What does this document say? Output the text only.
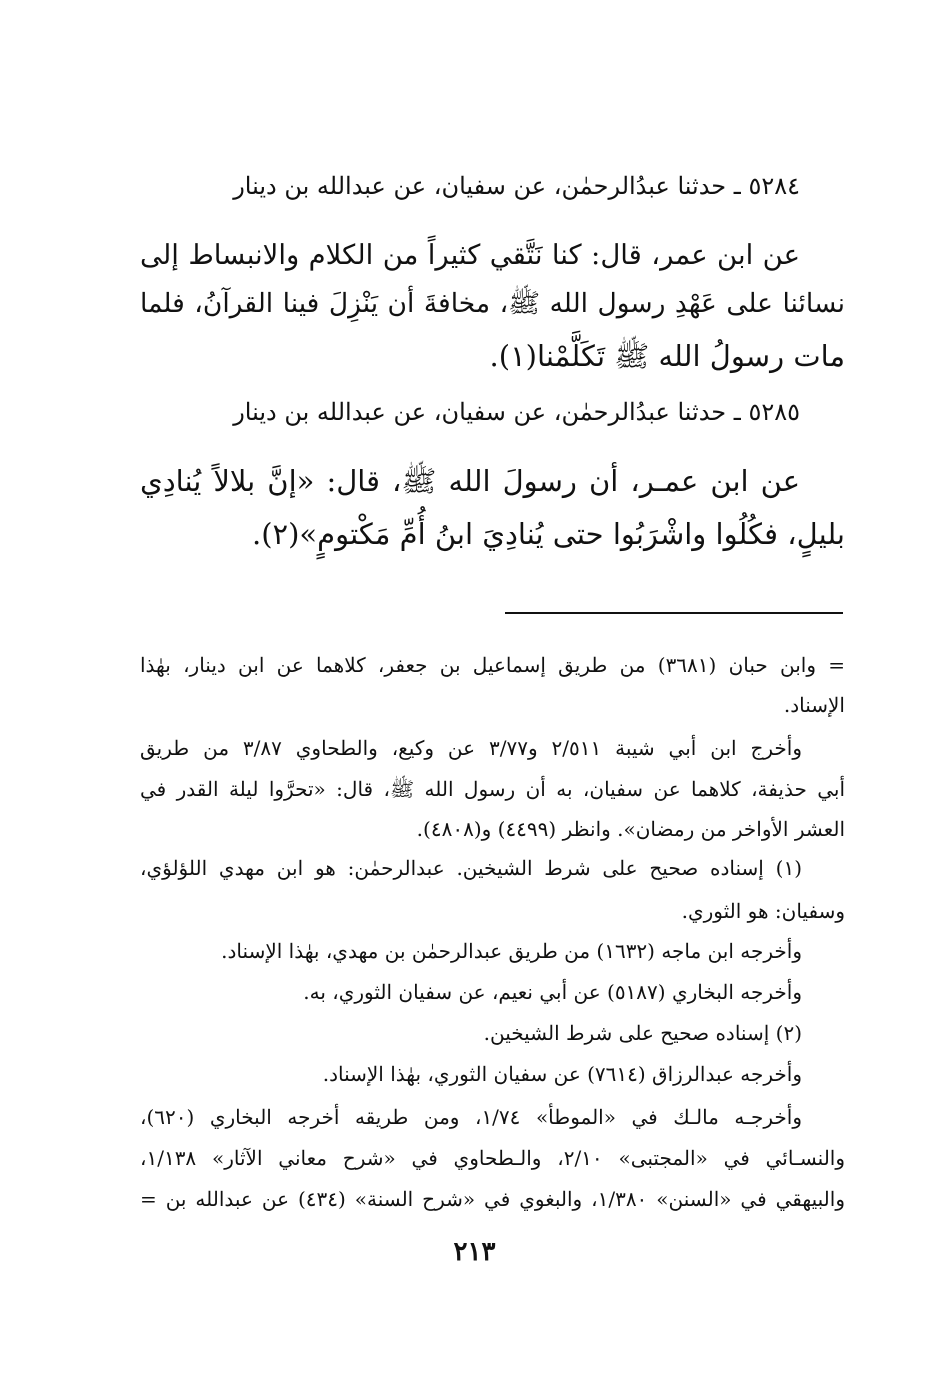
٥٢٨٤ ـ حدثنا عبدُالرحمٰن، عن سفيان، عن عبدالله بن دينار

عن ابن عمر، قال: كنا نَتَّقي كثيراً من الكلام والانبساط إلى

نسائنا على عَهْدِ رسول الله ﷺ، مخافةَ أن يَنْزِلَ فينا القرآنُ، فلما

مات رسولُ الله ﷺ تَكَلَّمْنا(١).

٥٢٨٥ ـ حدثنا عبدُالرحمٰن، عن سفيان، عن عبدالله بن دينار

عن ابن عمـر، أن رسولَ الله ﷺ، قال: «إنَّ بلالاً يُنادِي

بليلٍ، فكُلُوا واشْرَبُوا حتى يُنادِيَ ابنُ أُمِّ مَكْتومٍ»(٢).

= وابن حبان (٣٦٨١) من طريق إسماعيل بن جعفر، كلاهما عن ابن دينار، بهٰذا

الإسناد.

وأخرج ابن أبي شيبة ٢/٥١١ و٣/٧٧ عن وكيع، والطحاوي ٣/٨٧ من طريق

أبي حذيفة، كلاهما عن سفيان، به أن رسول الله ﷺ، قال: «تحرَّوا ليلة القدر في

العشر الأواخر من رمضان». وانظر (٤٤٩٩) و(٤٨٠٨).

(١) إسناده صحيح على شرط الشيخين. عبدالرحمٰن: هو ابن مهدي اللؤلؤي،

وسفيان: هو الثوري.

وأخرجه ابن ماجه (١٦٣٢) من طريق عبدالرحمٰن بن مهدي، بهٰذا الإسناد.

وأخرجه البخاري (٥١٨٧) عن أبي نعيم، عن سفيان الثوري، به.

(٢) إسناده صحيح على شرط الشيخين.

وأخرجه عبدالرزاق (٧٦١٤) عن سفيان الثوري، بهٰذا الإسناد.

وأخرجـه مالـك في «الموطأ» ١/٧٤، ومن طريقه أخرجه البخاري (٦٢٠)،

والنسـائي في «المجتبى» ٢/١٠، والـطحاوي في «شرح معاني الآثار» ١/١٣٨،

والبيهقي في «السنن» ١/٣٨٠، والبغوي في «شرح السنة» (٤٣٤) عن عبدالله بن =

٢١٣
